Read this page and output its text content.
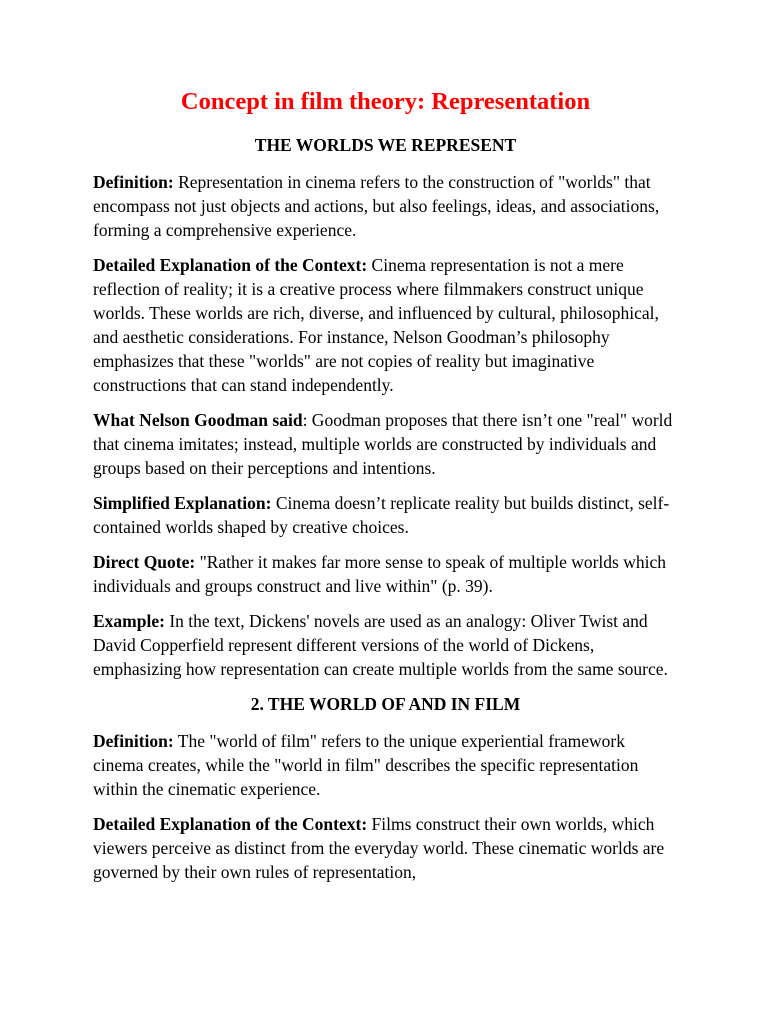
Concept in film theory: Representation
THE WORLDS WE REPRESENT

Definition: Representation in cinema refers to the construction of "worlds" that encompass not just objects and actions, but also feelings, ideas, and associations, forming a comprehensive experience.

Detailed Explanation of the Context: Cinema representation is not a mere reflection of reality; it is a creative process where filmmakers construct unique worlds. These worlds are rich, diverse, and influenced by cultural, philosophical, and aesthetic considerations. For instance, Nelson Goodman’s philosophy emphasizes that these "worlds" are not copies of reality but imaginative constructions that can stand independently.

What Nelson Goodman said: Goodman proposes that there isn’t one "real" world that cinema imitates; instead, multiple worlds are constructed by individuals and groups based on their perceptions and intentions.

Simplified Explanation: Cinema doesn’t replicate reality but builds distinct, self-contained worlds shaped by creative choices.

Direct Quote: "Rather it makes far more sense to speak of multiple worlds which individuals and groups construct and live within" (p. 39).

Example: In the text, Dickens' novels are used as an analogy: Oliver Twist and David Copperfield represent different versions of the world of Dickens, emphasizing how representation can create multiple worlds from the same source.

2. THE WORLD OF AND IN FILM

Definition: The "world of film" refers to the unique experiential framework cinema creates, while the "world in film" describes the specific representation within the cinematic experience.

Detailed Explanation of the Context: Films construct their own worlds, which viewers perceive as distinct from the everyday world. These cinematic worlds are governed by their own rules of representation,
